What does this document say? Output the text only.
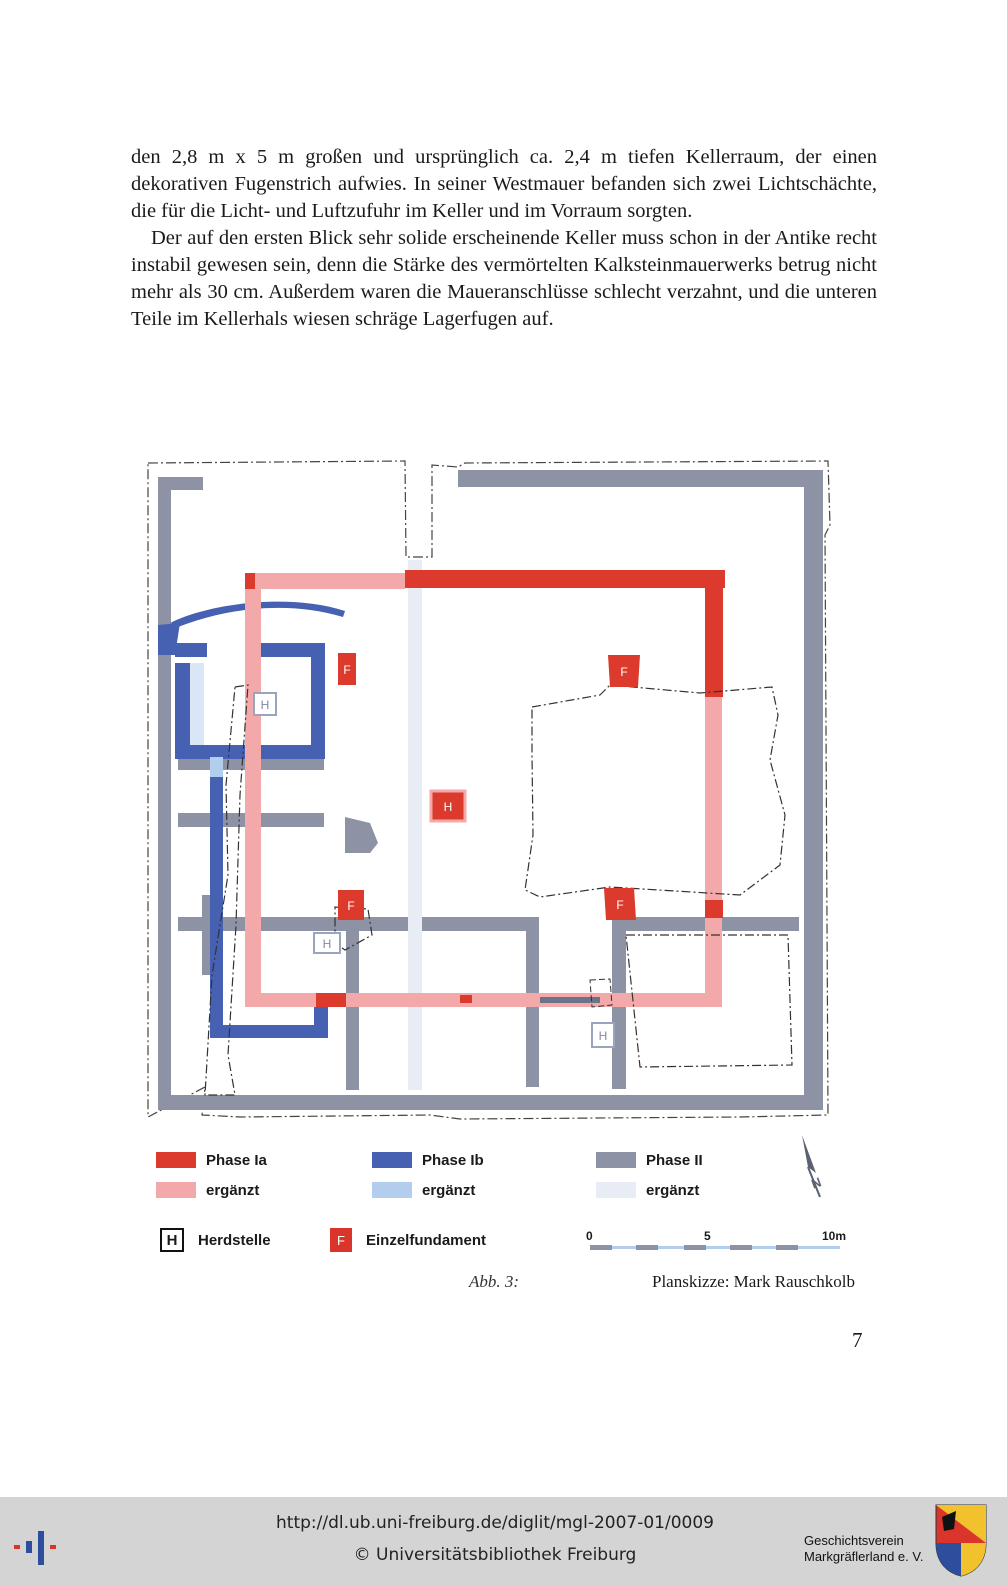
den 2,8 m x 5 m großen und ursprünglich ca. 2,4 m tiefen Kellerraum, der einen dekorativen Fugenstrich aufwies. In seiner Westmauer befanden sich zwei Lichtschächte, die für die Licht- und Luftzufuhr im Keller und im Vorraum sorgten.

Der auf den ersten Blick sehr solide erscheinende Keller muss schon in der Antike recht instabil gewesen sein, denn die Stärke des vermörtelten Kalksteinmauerwerks betrug nicht mehr als 30 cm. Außerdem waren die Maueranschlüsse schlecht verzahnt, und die unteren Teile im Kellerhals wiesen schräge Lagerfugen auf.

F	F
F	F
H
H
H
H
Phase Ia
ergänzt
Phase Ib
ergänzt
Phase II
ergänzt
H	Herdstelle	F	Einzelfundament	0	5	10m
N
Abb. 3:	Planskizze: Mark Rauschkolb
7
http://dl.ub.uni-freiburg.de/diglit/mgl-2007-01/0009
© Universitätsbibliothek Freiburg
Geschichtsverein
Markgräflerland e. V.
